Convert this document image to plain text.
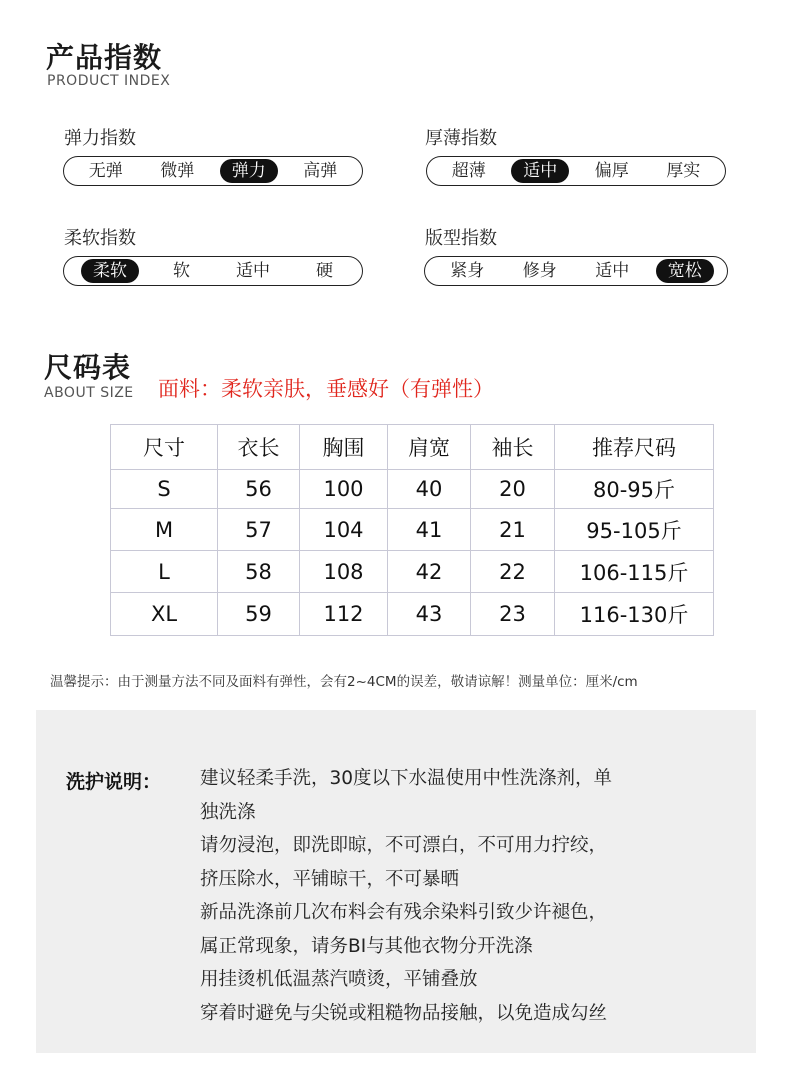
产品指数
PRODUCT INDEX
弹力指数
无弹	微弹	弹力	高弹
厚薄指数
超薄	适中	偏厚	厚实
柔软指数
柔软	软	适中	硬
版型指数
紧身	修身	适中	宽松
尺码表
ABOUT SIZE 面料：柔软亲肤，垂感好（有弹性）
尺寸	衣长	胸围	肩宽	袖长	推荐尺码
S	56	100	40	20	80-95斤
M	57	104	41	21	95-105斤
L	58	108	42	22	106-115斤
XL	59	112	43	23	116-130斤
温馨提示：由于测量方法不同及面料有弹性，会有2~4CM的误差，敬请谅解！测量单位：厘米/cm
洗护说明： 建议轻柔手洗，30度以下水温使用中性洗涤剂，单
独洗涤
请勿浸泡，即洗即晾，不可漂白，不可用力拧绞，
挤压除水，平铺晾干，不可暴晒
新品洗涤前几次布料会有残余染料引致少许褪色，
属正常现象，请务BI与其他衣物分开洗涤
用挂烫机低温蒸汽喷烫，平铺叠放
穿着时避免与尖锐或粗糙物品接触，以免造成勾丝
